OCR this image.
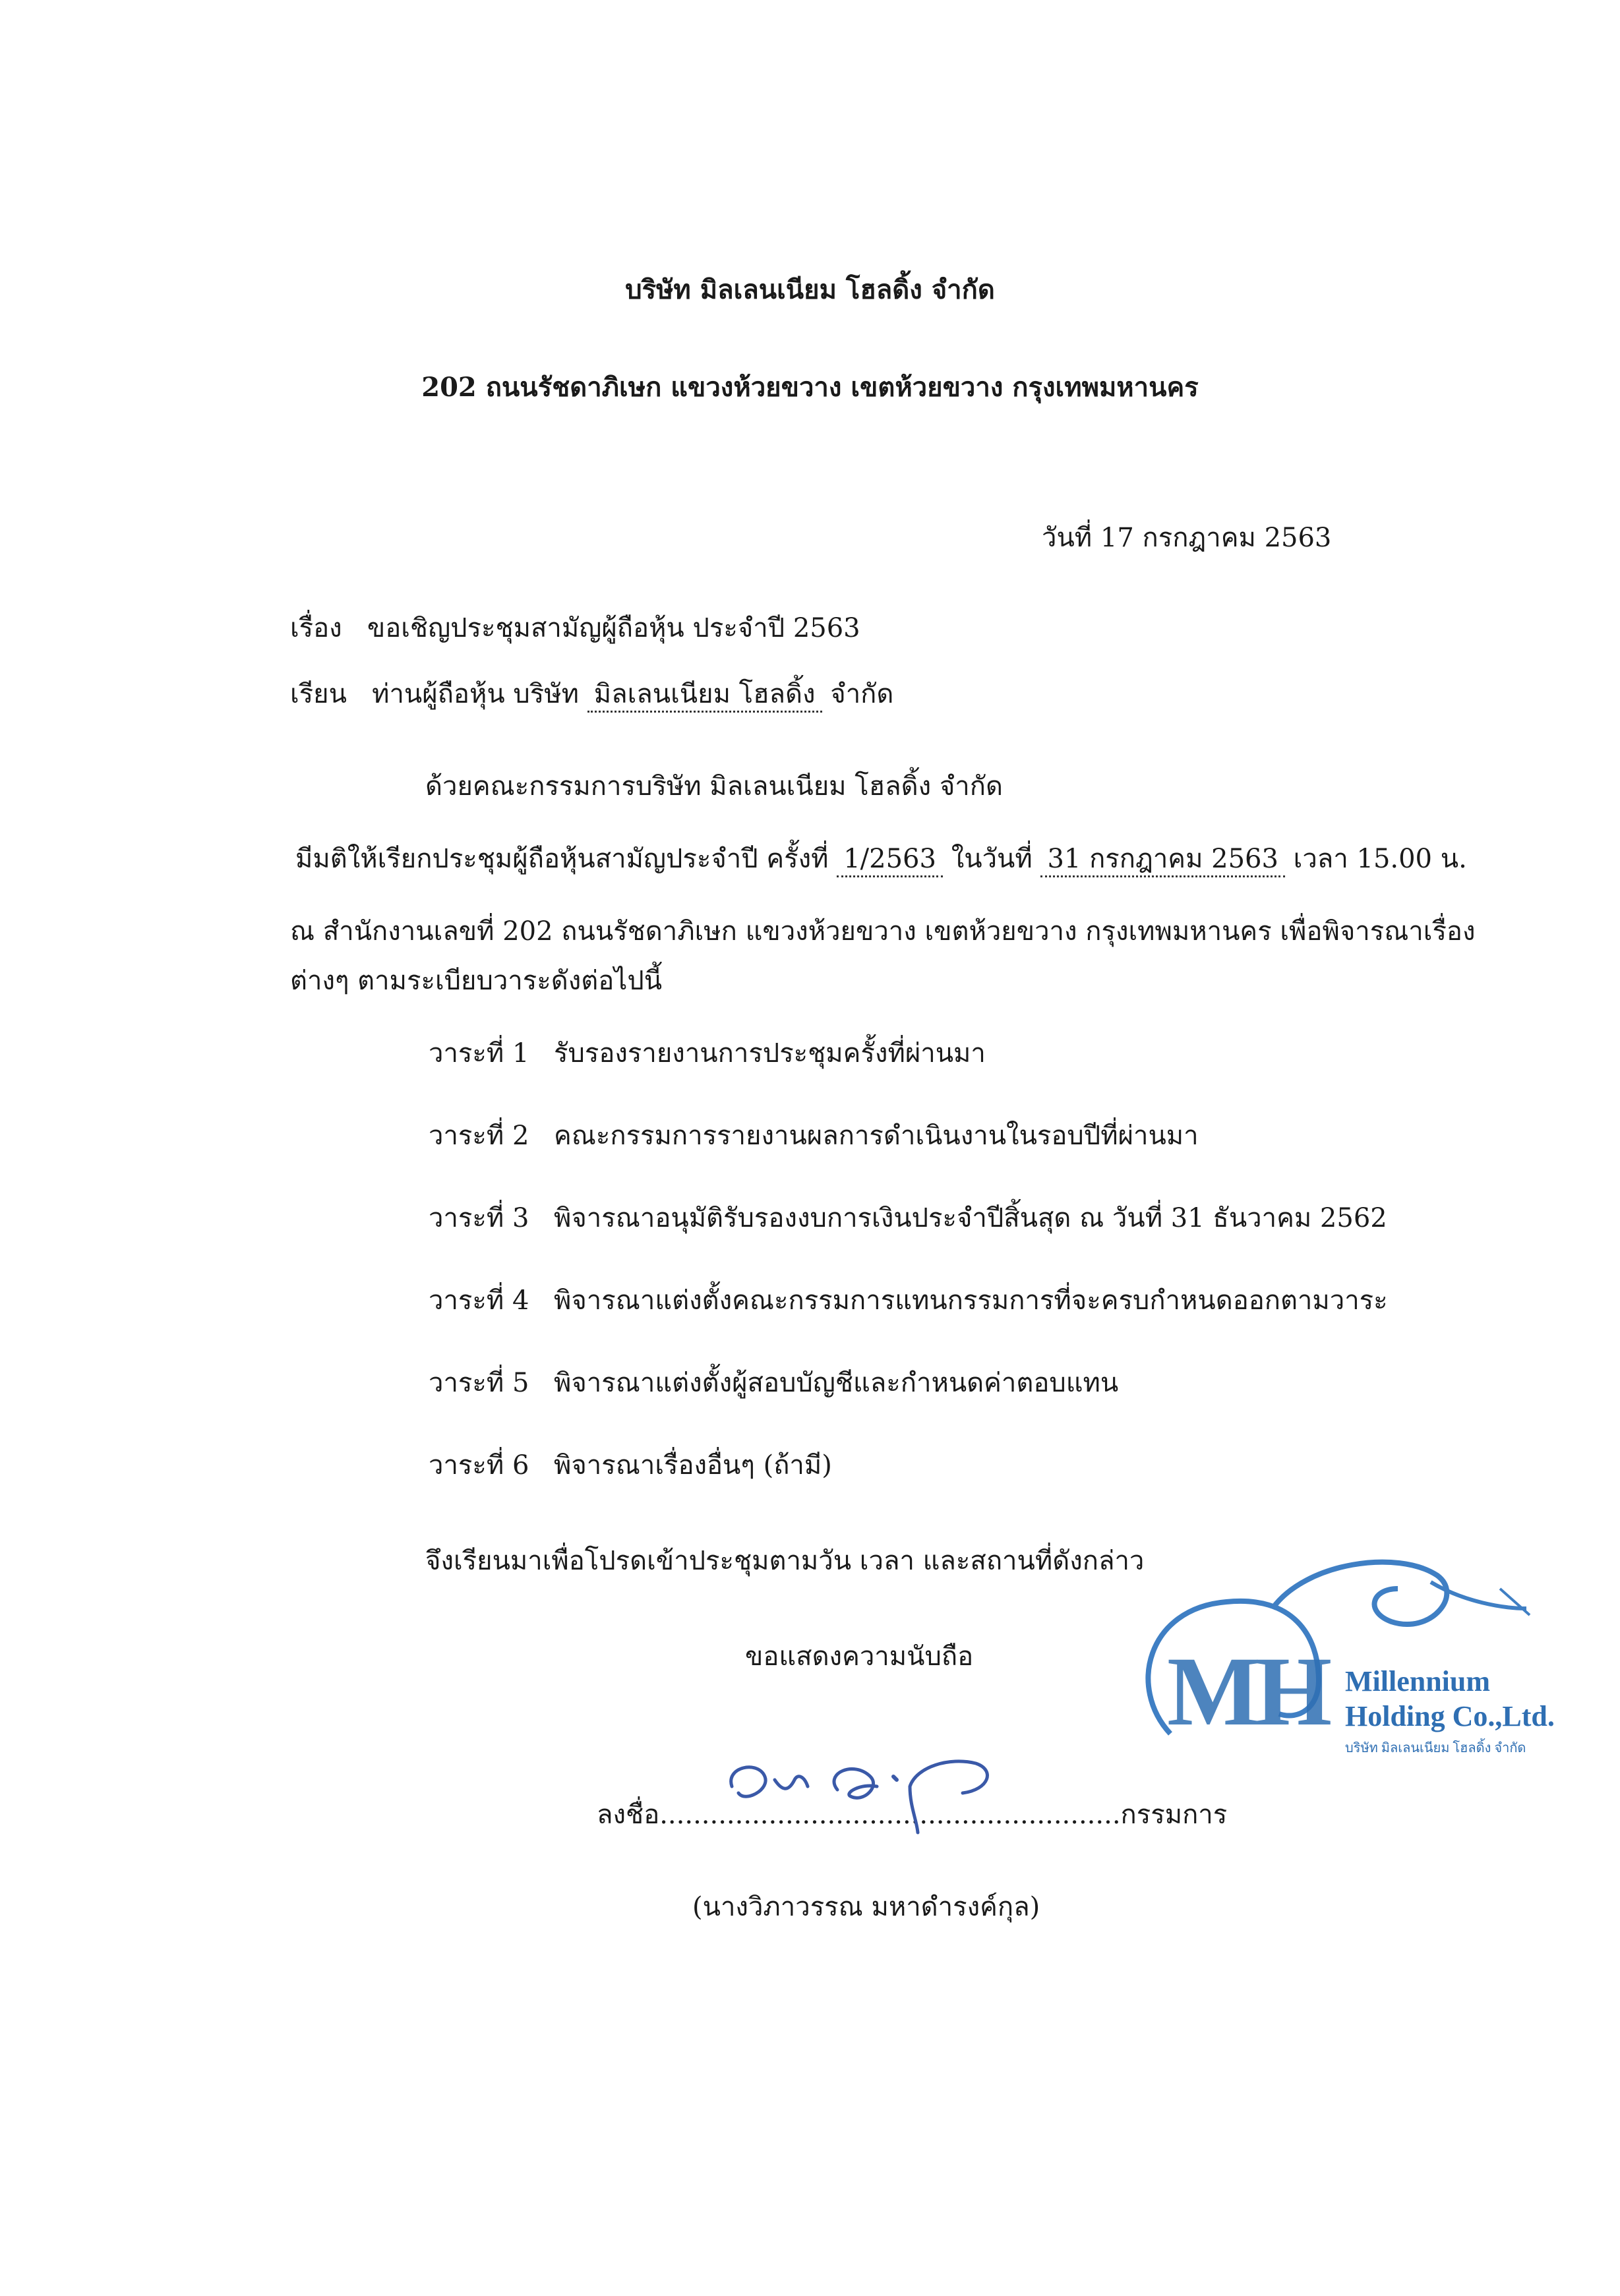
บริษัท มิลเลนเนียม โฮลดิ้ง จำกัด
202 ถนนรัชดาภิเษก แขวงห้วยขวาง เขตห้วยขวาง กรุงเทพมหานคร
วันที่ 17 กรกฎาคม 2563
เรื่อง ขอเชิญประชุมสามัญผู้ถือหุ้น ประจำปี 2563
เรียน ท่านผู้ถือหุ้น บริษัท มิลเลนเนียม โฮลดิ้ง จำกัด
ด้วยคณะกรรมการบริษัท มิลเลนเนียม โฮลดิ้ง จำกัด
มีมติให้เรียกประชุมผู้ถือหุ้นสามัญประจำปี ครั้งที่ 1/2563 ในวันที่ 31 กรกฎาคม 2563 เวลา 15.00 น.
ณ สำนักงานเลขที่ 202 ถนนรัชดาภิเษก แขวงห้วยขวาง เขตห้วยขวาง กรุงเทพมหานคร เพื่อพิจารณาเรื่อง
ต่างๆ ตามระเบียบวาระดังต่อไปนี้
วาระที่ 1 รับรองรายงานการประชุมครั้งที่ผ่านมา
วาระที่ 2 คณะกรรมการรายงานผลการดำเนินงานในรอบปีที่ผ่านมา
วาระที่ 3 พิจารณาอนุมัติรับรองงบการเงินประจำปีสิ้นสุด ณ วันที่ 31 ธันวาคม 2562
วาระที่ 4 พิจารณาแต่งตั้งคณะกรรมการแทนกรรมการที่จะครบกำหนดออกตามวาระ
วาระที่ 5 พิจารณาแต่งตั้งผู้สอบบัญชีและกำหนดค่าตอบแทน
วาระที่ 6 พิจารณาเรื่องอื่นๆ (ถ้ามี)
จึงเรียนมาเพื่อโปรดเข้าประชุมตามวัน เวลา และสถานที่ดังกล่าว
ขอแสดงความนับถือ
ลงชื่อ.......................................................กรรมการ
(นางวิภาวรรณ มหาดำรงค์กุล)
MH Millennium
Holding Co.,Ltd.
บริษัท มิลเลนเนียม โฮลดิ้ง จำกัด
